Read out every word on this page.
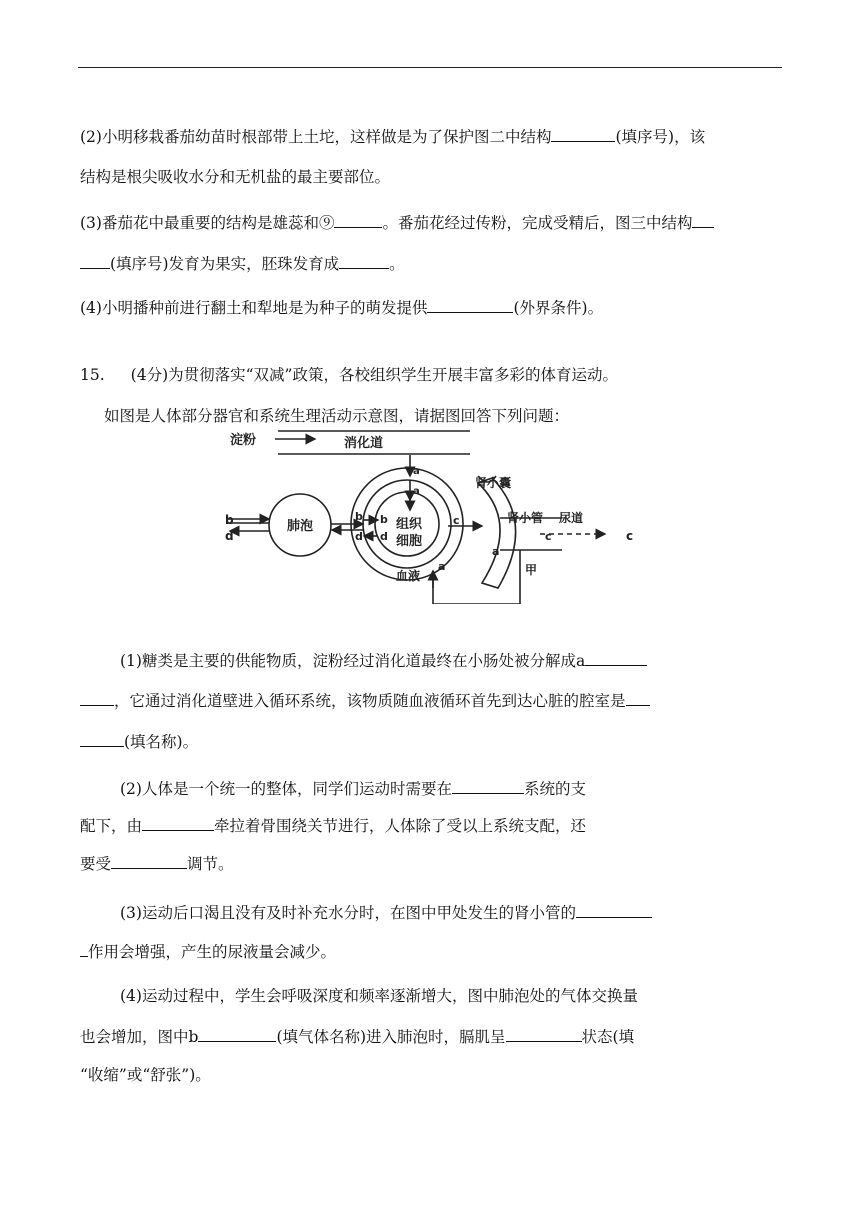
(2)小明移栽番茄幼苗时根部带上土坨，这样做是为了保护图二中结构	(填序号)，该
结构是根尖吸收水分和无机盐的最主要部位。
(3)番茄花中最重要的结构是雄蕊和⑨	。番茄花经过传粉，完成受精后，图三中结构
(填序号)发育为果实，胚珠发育成	。
(4)小明播种前进行翻土和犁地是为种子的萌发提供	(外界条件)。
15. (4分)为贯彻落实“双减”政策，各校组织学生开展丰富多彩的体育运动。
如图是人体部分器官和系统生理活动示意图，请据图回答下列问题：
淀粉	消化道
a
a
肺泡
b
d
b
d
b
d
组织
细胞
c
血液
a
肾小囊
肾小管 尿道
a
c	c
甲
(1)糖类是主要的供能物质，淀粉经过消化道最终在小肠处被分解成a
，它通过消化道壁进入循环系统，该物质随血液循环首先到达心脏的腔室是
(填名称)。
(2)人体是一个统一的整体，同学们运动时需要在	系统的支
配下，由	牵拉着骨围绕关节进行，人体除了受以上系统支配，还
要受	调节。
(3)运动后口渴且没有及时补充水分时，在图中甲处发生的肾小管的
作用会增强，产生的尿液量会减少。
(4)运动过程中，学生会呼吸深度和频率逐渐增大，图中肺泡处的气体交换量
也会增加，图中b	(填气体名称)进入肺泡时，膈肌呈	状态(填
“收缩”或“舒张”)。
